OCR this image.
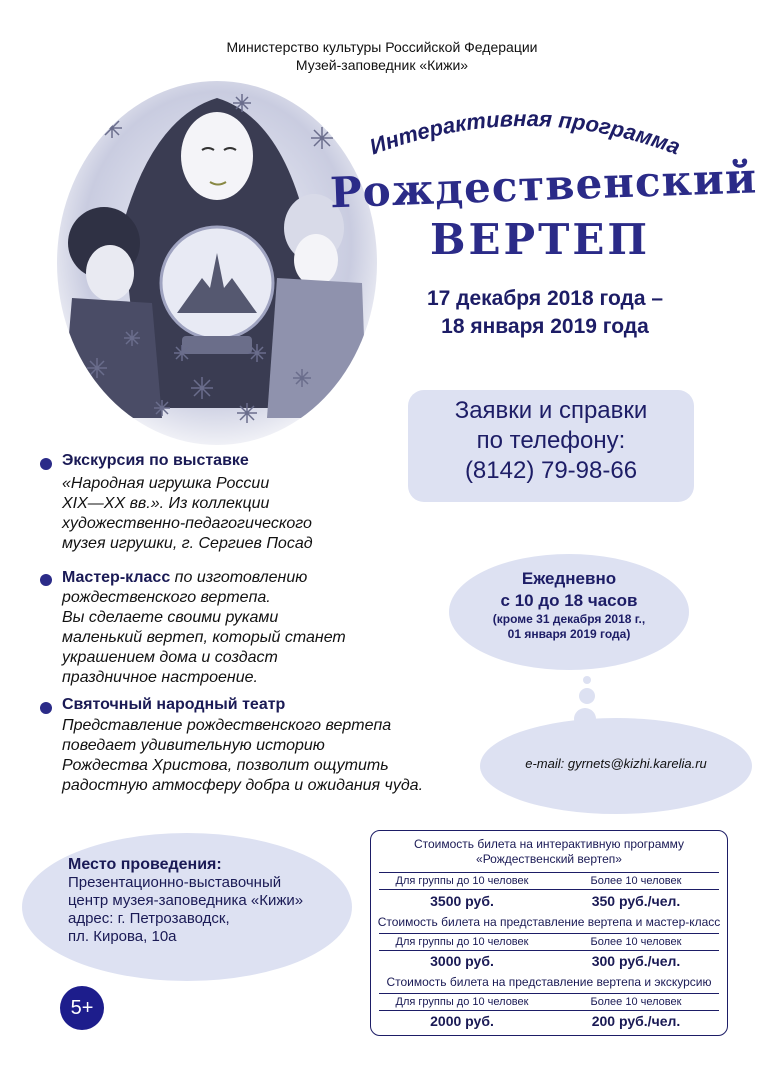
Министерство культуры Российской Федерации
Музей-заповедник «Кижи»
Интерактивная программа
Рождественский
ВЕРТЕП
17 декабря 2018 года –
18 января 2019 года
Заявки и справки
по телефону:
(8142) 79-98-66
Экскурсия по выставке
«Народная игрушка России
XIX—XX вв.». Из коллекции
художественно-педагогического
музея игрушки, г. Сергиев Посад
Мастер-класс по изготовлению
рождественского вертепа.
Вы сделаете своими руками
маленький вертеп, который станет
украшением дома и создаст
праздничное настроение.
Святочный народный театр
Представление рождественского вертепа
поведает удивительную историю
Рождества Христова, позволит ощутить
радостную атмосферу добра и ожидания чуда.
Ежедневно
с 10 до 18 часов
(кроме 31 декабря 2018 г.,
01 января 2019 года)
e-mail: gyrnets@kizhi.karelia.ru
Место проведения:
Презентационно-выставочный
центр музея-заповедника «Кижи»
адрес: г. Петрозаводск,
пл. Кирова, 10а
5+
Стоимость билета на интерактивную программу
«Рождественский вертеп»
Для группы до 10 человек	Более 10 человек
3500 руб.	350 руб./чел.
Стоимость билета на представление вертепа и мастер-класс
Для группы до 10 человек	Более 10 человек
3000 руб.	300 руб./чел.
Стоимость билета на представление вертепа и экскурсию
Для группы до 10 человек	Более 10 человек
2000 руб.	200 руб./чел.
